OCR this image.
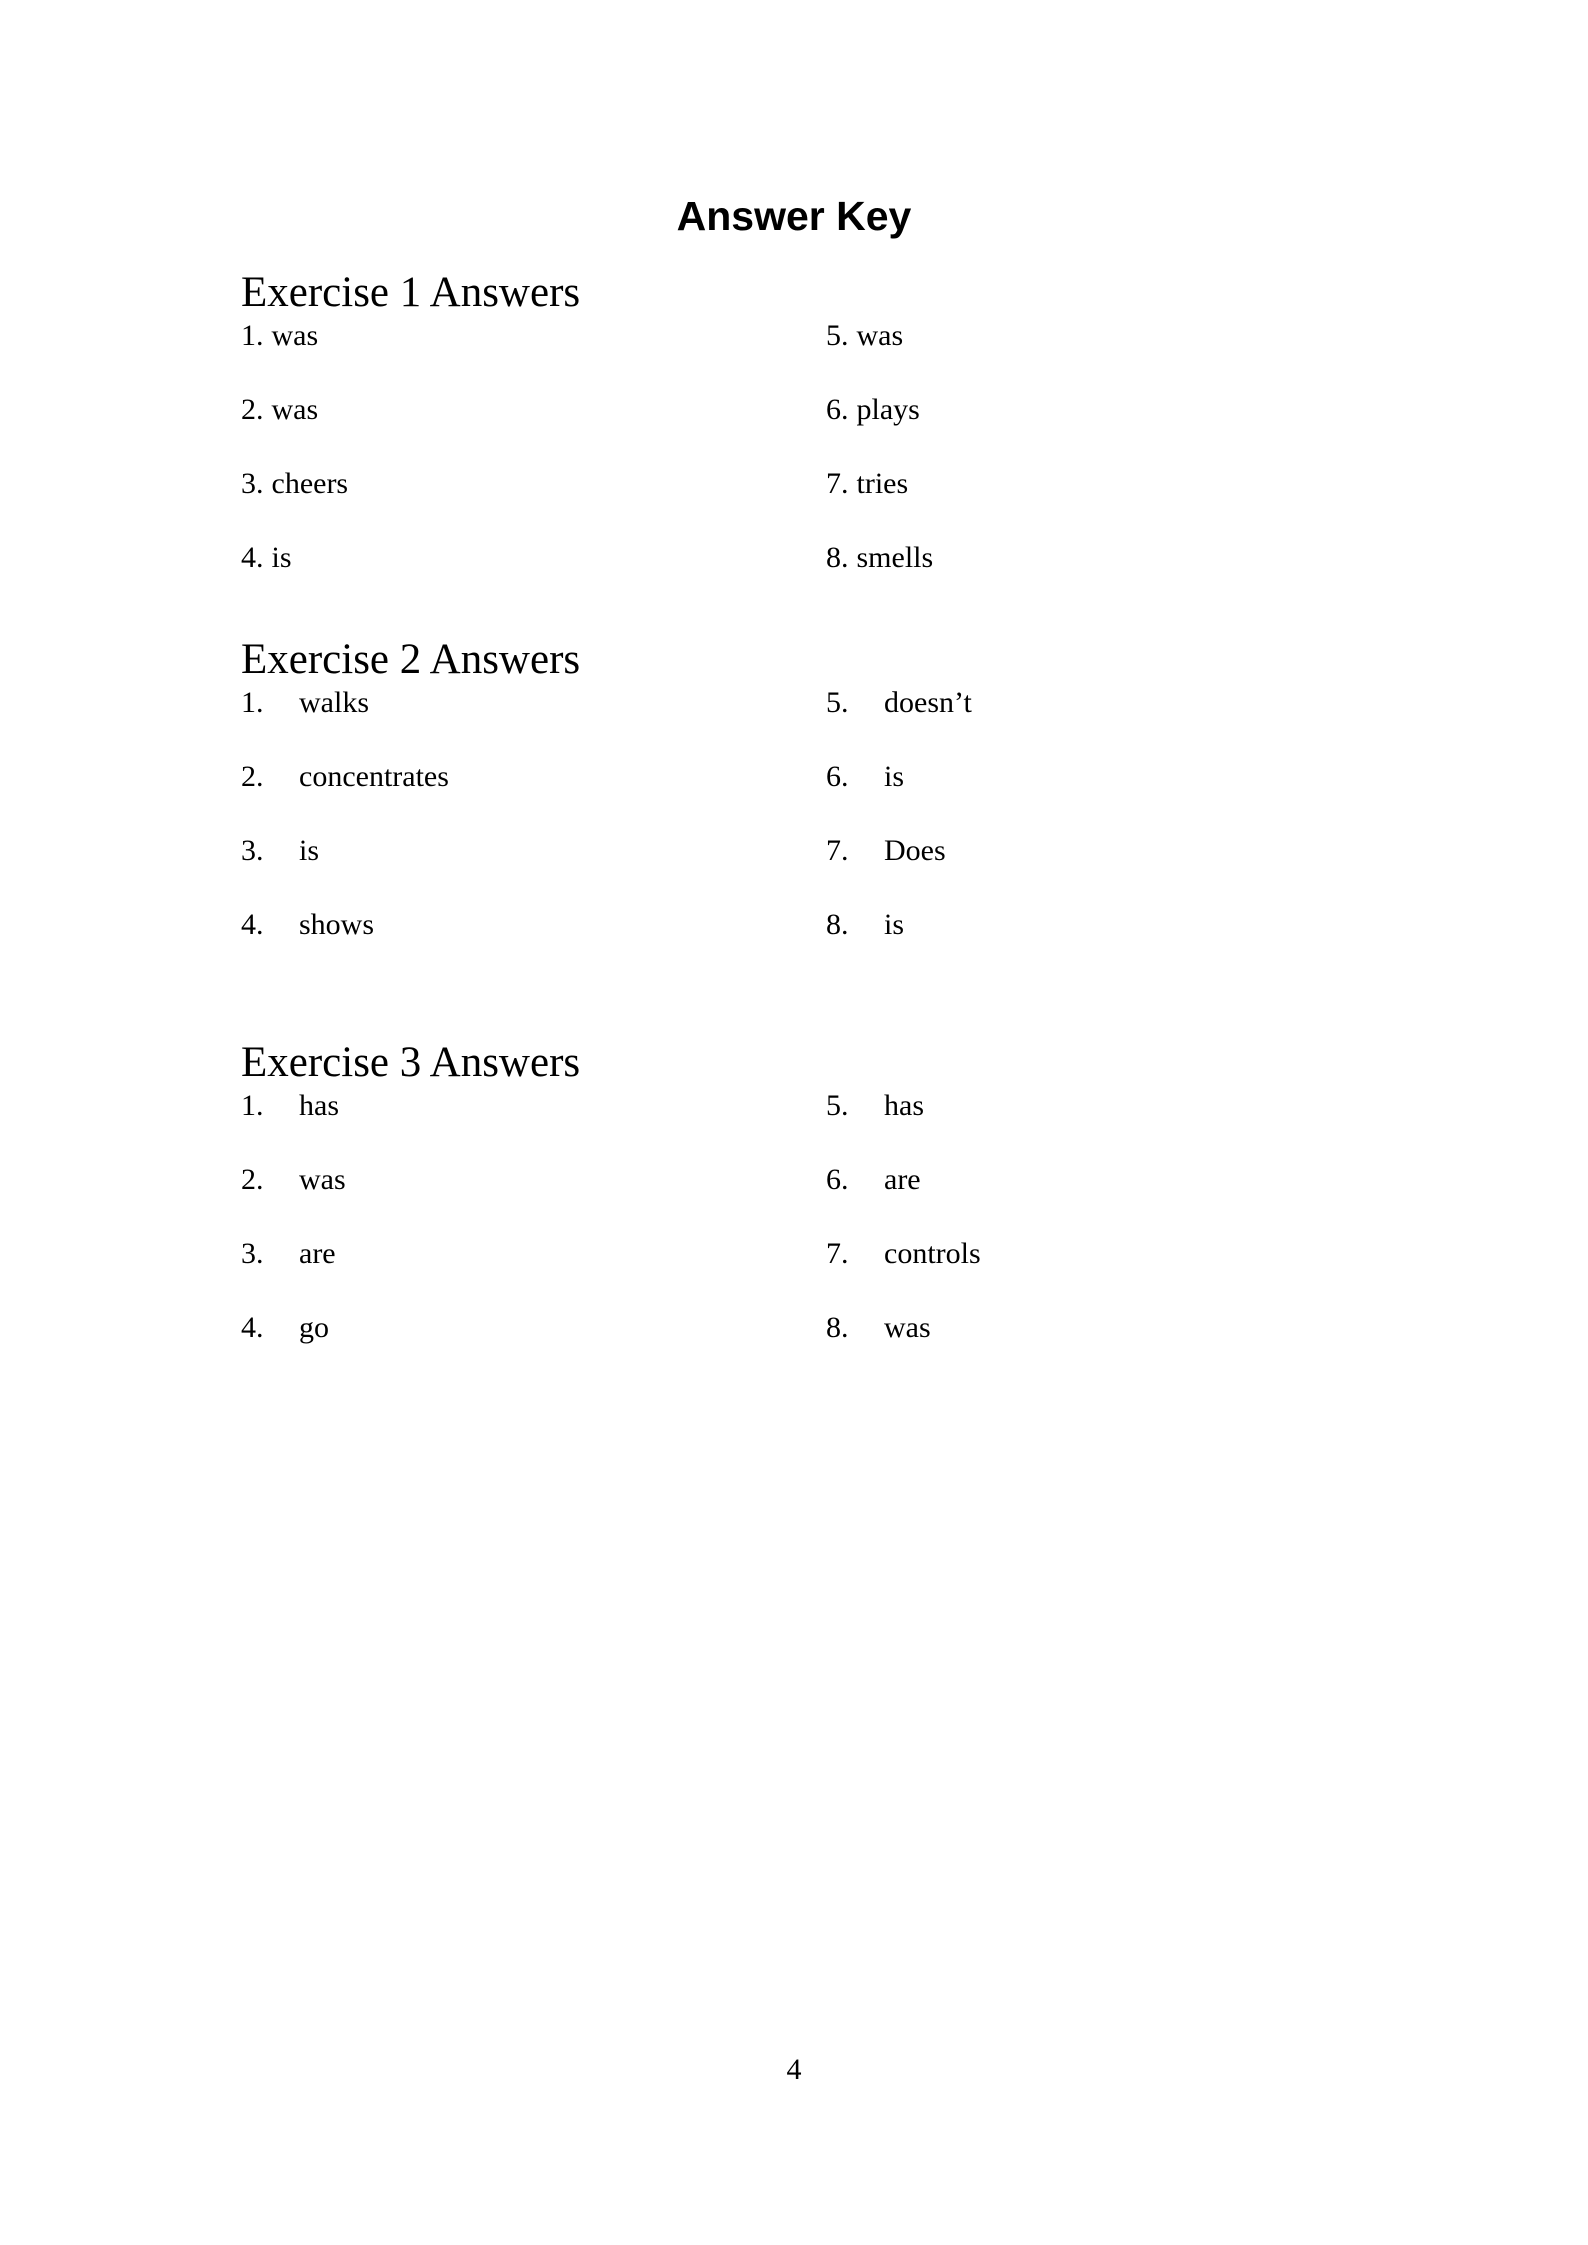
Answer Key
Exercise 1 Answers
1. was
2. was
3. cheers
4. is
5. was
6. plays
7. tries
8. smells
Exercise 2 Answers
1. walks
2. concentrates
3. is
4. shows
5. doesn’t
6. is
7. Does
8. is
Exercise 3 Answers
1. has
2. was
3. are
4. go
5. has
6. are
7. controls
8. was
4
